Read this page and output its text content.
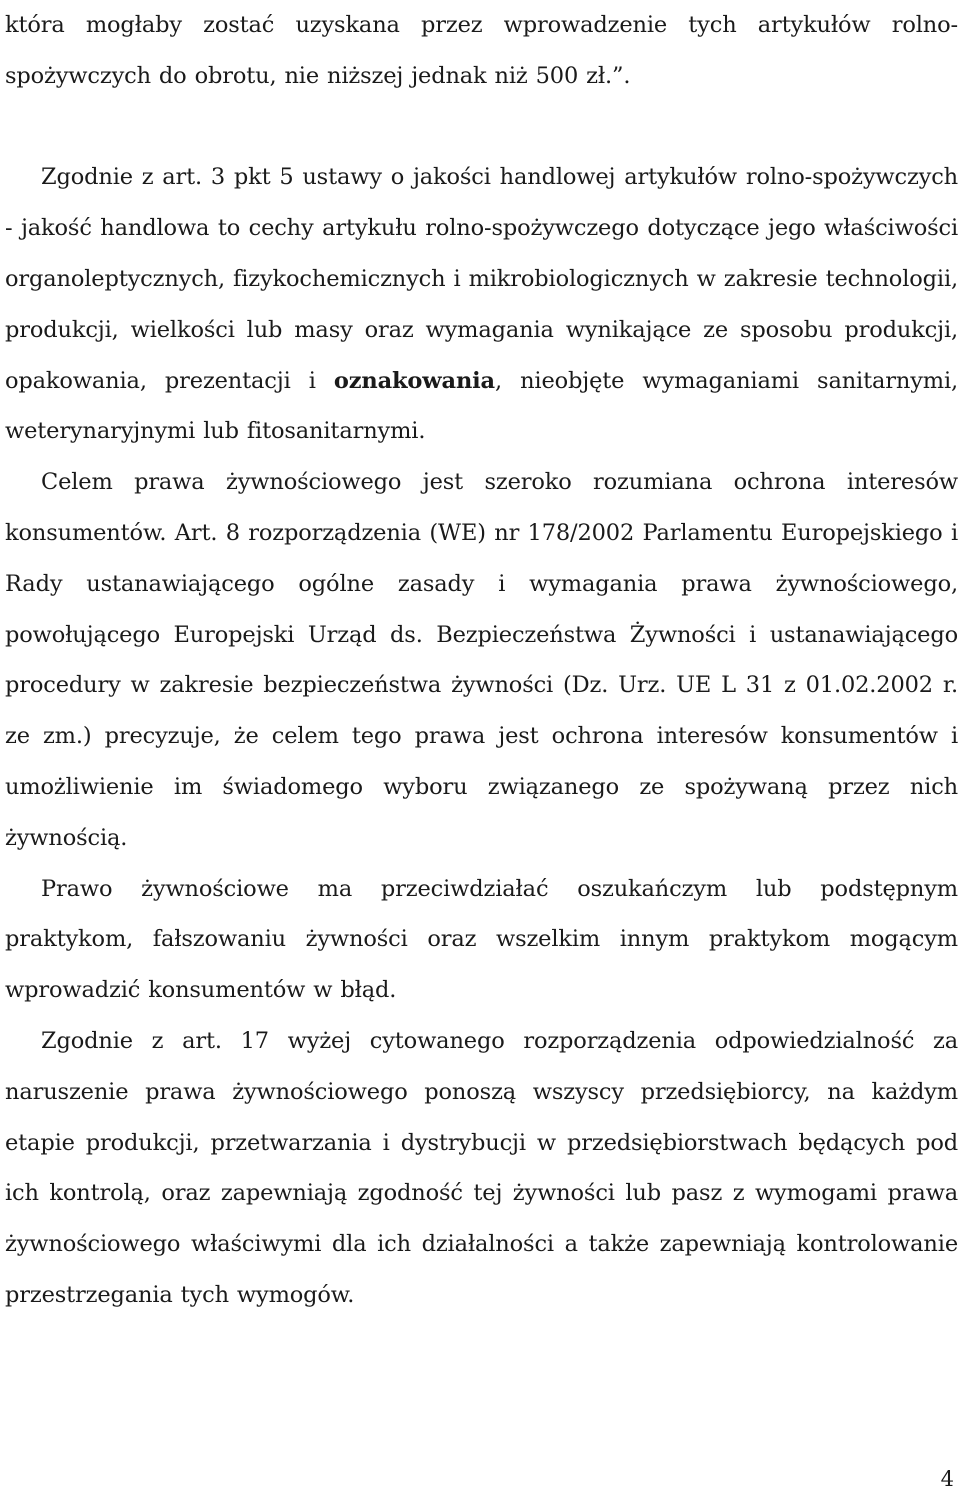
która mogłaby zostać uzyskana przez wprowadzenie tych artykułów rolno-spożywczych do obrotu, nie niższej jednak niż 500 zł.”.

Zgodnie z art. 3 pkt 5 ustawy o jakości handlowej artykułów rolno-spożywczych - jakość handlowa to cechy artykułu rolno-spożywczego dotyczące jego właściwości organoleptycznych, fizykochemicznych i mikrobiologicznych w zakresie technologii, produkcji, wielkości lub masy oraz wymagania wynikające ze sposobu produkcji, opakowania, prezentacji i oznakowania, nieobjęte wymaganiami sanitarnymi, weterynaryjnymi lub fitosanitarnymi.

Celem prawa żywnościowego jest szeroko rozumiana ochrona interesów konsumentów. Art. 8 rozporządzenia (WE) nr 178/2002 Parlamentu Europejskiego i Rady ustanawiającego ogólne zasady i wymagania prawa żywnościowego, powołującego Europejski Urząd ds. Bezpieczeństwa Żywności i ustanawiającego procedury w zakresie bezpieczeństwa żywności (Dz. Urz. UE L 31 z 01.02.2002 r. ze zm.) precyzuje, że celem tego prawa jest ochrona interesów konsumentów i umożliwienie im świadomego wyboru związanego ze spożywaną przez nich żywnością.

Prawo żywnościowe ma przeciwdziałać oszukańczym lub podstępnym praktykom, fałszowaniu żywności oraz wszelkim innym praktykom mogącym wprowadzić konsumentów w błąd.

Zgodnie z art. 17 wyżej cytowanego rozporządzenia odpowiedzialność za naruszenie prawa żywnościowego ponoszą wszyscy przedsiębiorcy, na każdym etapie produkcji, przetwarzania i dystrybucji w przedsiębiorstwach będących pod ich kontrolą, oraz zapewniają zgodność tej żywności lub pasz z wymogami prawa żywnościowego właściwymi dla ich działalności a także zapewniają kontrolowanie przestrzegania tych wymogów.

4
